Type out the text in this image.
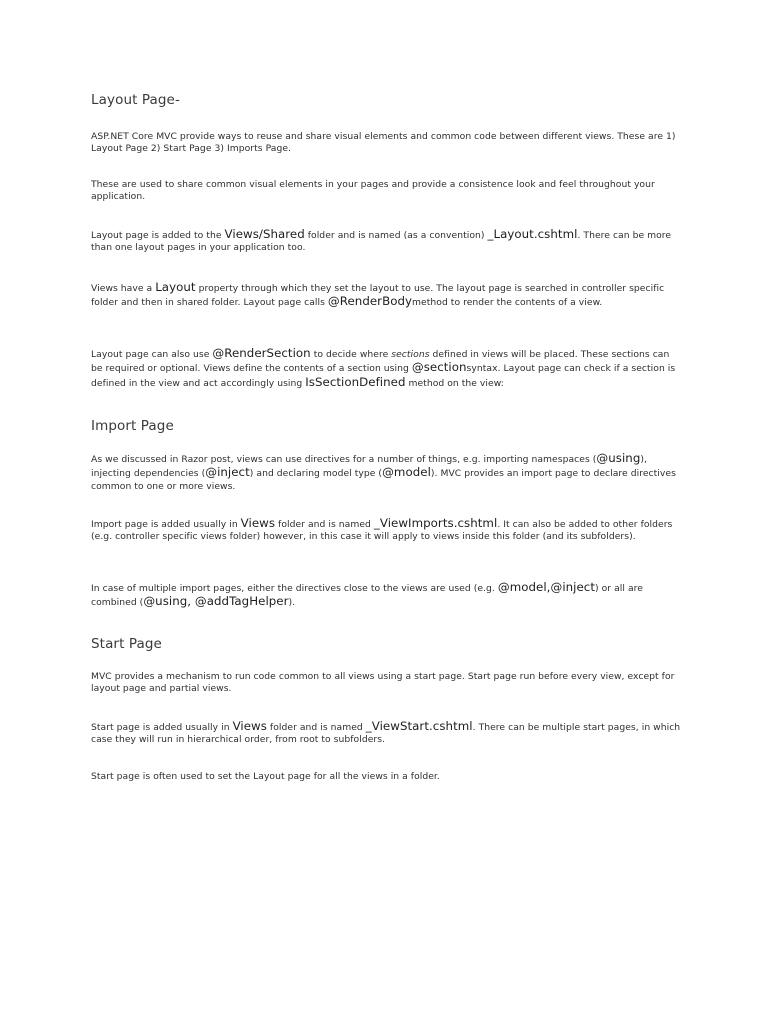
Layout Page-

ASP.NET Core MVC provide ways to reuse and share visual elements and common code between different views. These are 1) Layout Page 2) Start Page 3) Imports Page.

These are used to share common visual elements in your pages and provide a consistence look and feel throughout your application.

Layout page is added to the Views/Shared folder and is named (as a convention) _Layout.cshtml. There can be more than one layout pages in your application too.

Views have a Layout property through which they set the layout to use. The layout page is searched in controller specific folder and then in shared folder. Layout page calls @RenderBodymethod to render the contents of a view.

Layout page can also use @RenderSection to decide where sections defined in views will be placed. These sections can be required or optional. Views define the contents of a section using @sectionsyntax. Layout page can check if a section is defined in the view and act accordingly using IsSectionDefined method on the view:

Import Page

As we discussed in Razor post, views can use directives for a number of things, e.g. importing namespaces (@using), injecting dependencies (@inject) and declaring model type (@model). MVC provides an import page to declare directives common to one or more views.

Import page is added usually in Views folder and is named _ViewImports.cshtml. It can also be added to other folders (e.g. controller specific views folder) however, in this case it will apply to views inside this folder (and its subfolders).

In case of multiple import pages, either the directives close to the views are used (e.g. @model,@inject) or all are combined (@using, @addTagHelper).

Start Page

MVC provides a mechanism to run code common to all views using a start page. Start page run before every view, except for layout page and partial views.

Start page is added usually in Views folder and is named _ViewStart.cshtml. There can be multiple start pages, in which case they will run in hierarchical order, from root to subfolders.

Start page is often used to set the Layout page for all the views in a folder.
